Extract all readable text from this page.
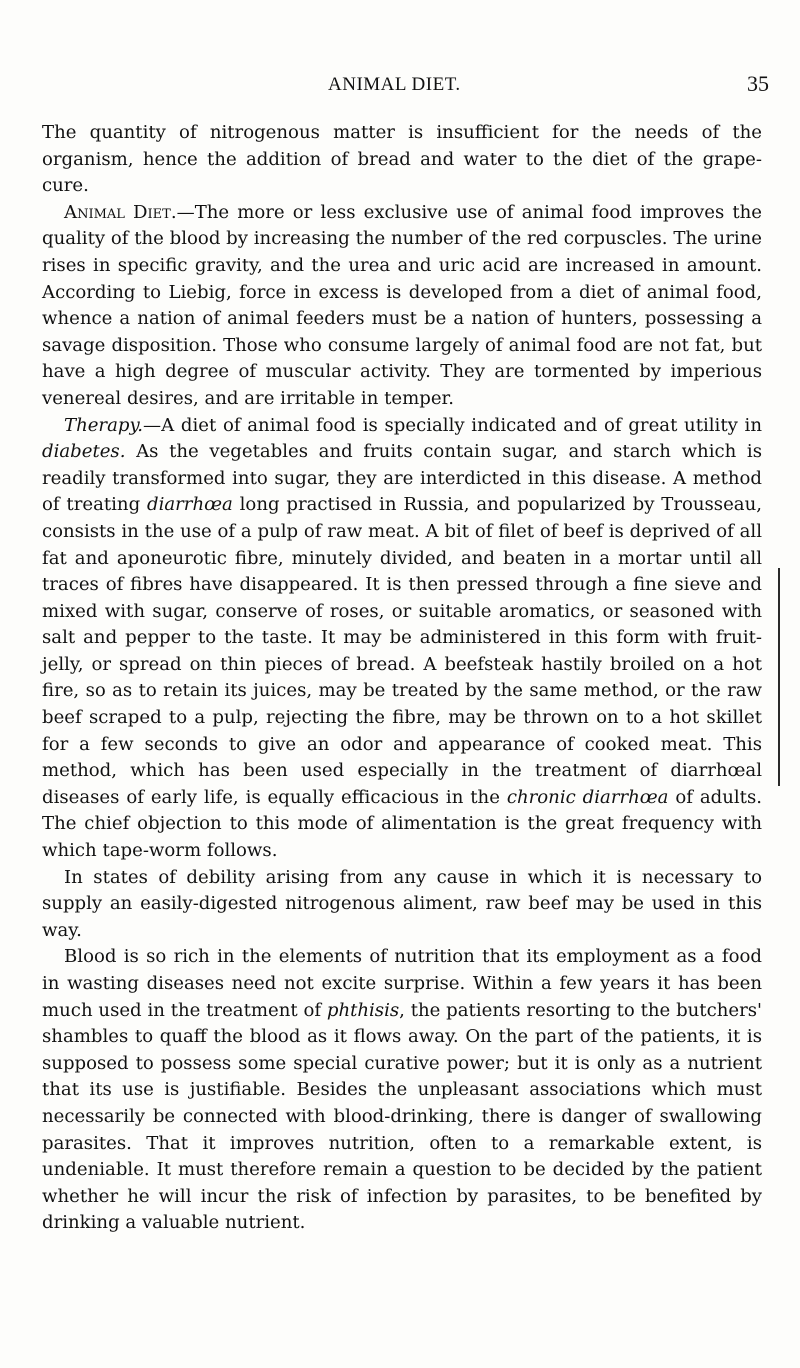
ANIMAL DIET.	35

The quantity of nitrogenous matter is insufficient for the needs of the organism, hence the addition of bread and water to the diet of the grape-cure.

Animal Diet.—The more or less exclusive use of animal food improves the quality of the blood by increasing the number of the red corpuscles. The urine rises in specific gravity, and the urea and uric acid are increased in amount. According to Liebig, force in excess is developed from a diet of animal food, whence a nation of animal feeders must be a nation of hunters, possessing a savage disposition. Those who consume largely of animal food are not fat, but have a high degree of muscular activity. They are tormented by imperious venereal desires, and are irritable in temper.

Therapy.—A diet of animal food is specially indicated and of great utility in diabetes. As the vegetables and fruits contain sugar, and starch which is readily transformed into sugar, they are interdicted in this disease. A method of treating diarrhœa long practised in Russia, and popularized by Trousseau, consists in the use of a pulp of raw meat. A bit of filet of beef is deprived of all fat and aponeurotic fibre, minutely divided, and beaten in a mortar until all traces of fibres have disappeared. It is then pressed through a fine sieve and mixed with sugar, conserve of roses, or suitable aromatics, or seasoned with salt and pepper to the taste. It may be administered in this form with fruit-jelly, or spread on thin pieces of bread. A beefsteak hastily broiled on a hot fire, so as to retain its juices, may be treated by the same method, or the raw beef scraped to a pulp, rejecting the fibre, may be thrown on to a hot skillet for a few seconds to give an odor and appearance of cooked meat. This method, which has been used especially in the treatment of diarrhœal diseases of early life, is equally efficacious in the chronic diarrhœa of adults. The chief objection to this mode of alimentation is the great frequency with which tape-worm follows.

In states of debility arising from any cause in which it is necessary to supply an easily-digested nitrogenous aliment, raw beef may be used in this way.

Blood is so rich in the elements of nutrition that its employment as a food in wasting diseases need not excite surprise. Within a few years it has been much used in the treatment of phthisis, the patients resorting to the butchers' shambles to quaff the blood as it flows away. On the part of the patients, it is supposed to possess some special curative power; but it is only as a nutrient that its use is justifiable. Besides the unpleasant associations which must necessarily be connected with blood-drinking, there is danger of swallowing parasites. That it improves nutrition, often to a remarkable extent, is undeniable. It must therefore remain a question to be decided by the patient whether he will incur the risk of infection by parasites, to be benefited by drinking a valuable nutrient.
